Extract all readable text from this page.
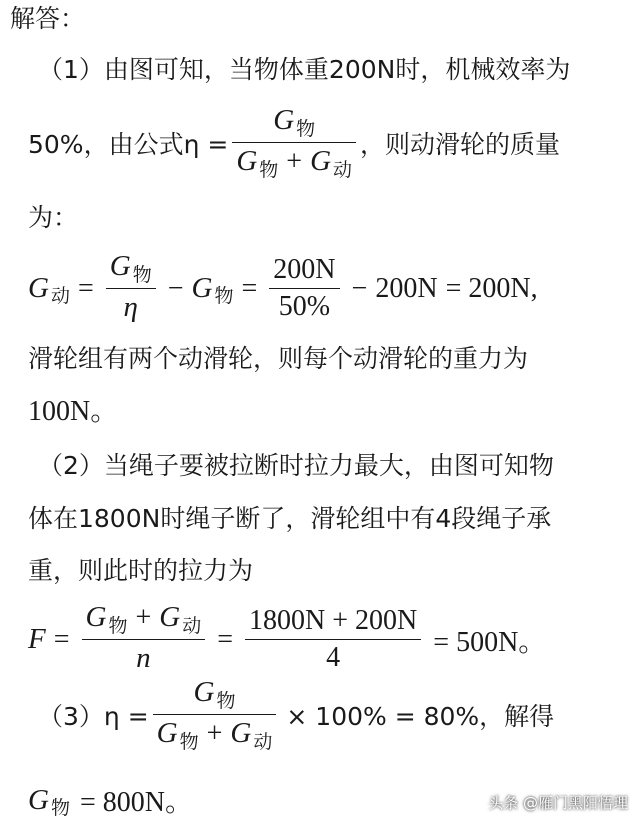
解答：
（1）由图可知，当物体重200N时，机械效率为
50%，由公式$\eta = \frac{\text{G 物}}{\text{G 物 + G 动}}$ ，则动滑轮的质量
为：
G 动 = $\frac{\text{G 物}}{\eta} - G$ 物 = $\frac{200N}{50\%} - 200N = 200N$,
滑轮组有两个动滑轮，则每个动滑轮的重力为
100N。
（2）当绳子要被拉断时拉力最大，由图可知物
体在1800N时绳子断了，滑轮组中有4段绳子承
重，则此时的拉力为
$F = \frac{\text{G 物 + G 动}}{n} = \frac{1800N + 200N}{4} = 500N$。
$(3)\eta = \frac{\text{G 物}}{\text{G 物 + G 动}} \times 100\% = 80\%$，解得
G 物 = 800N。	头条 @雁门黑阳悟理
